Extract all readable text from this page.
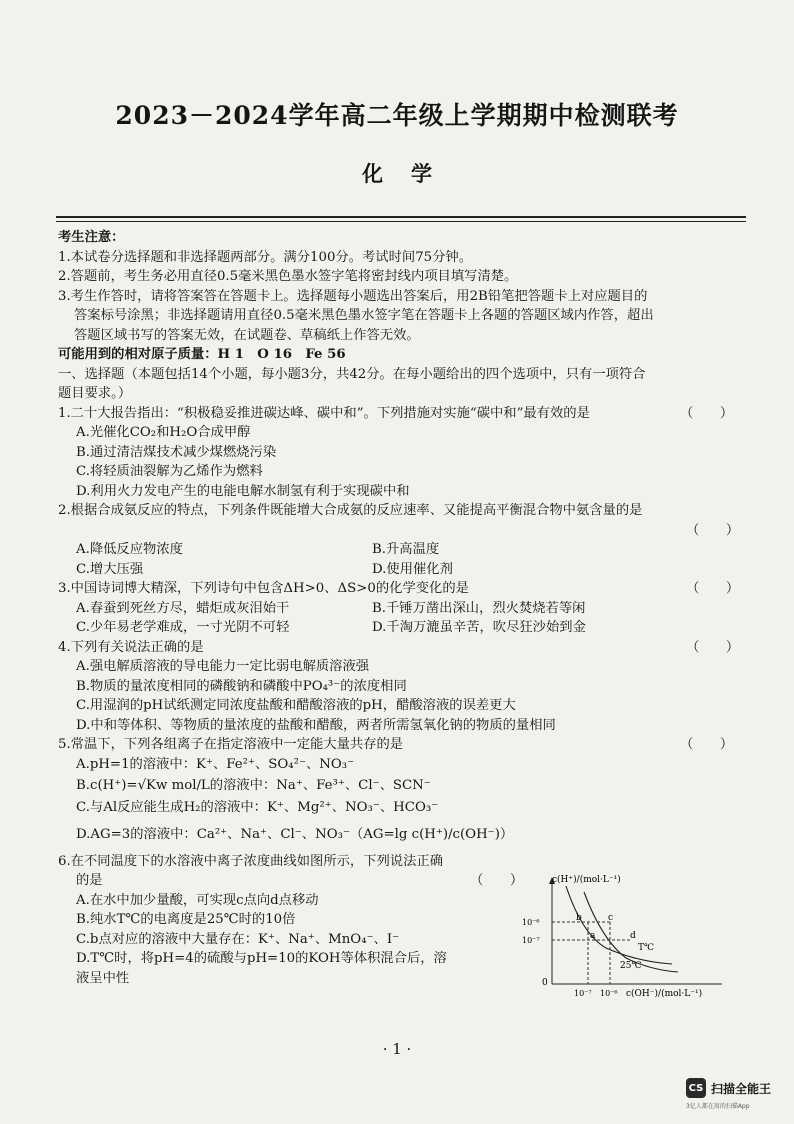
2023－2024学年高二年级上学期期中检测联考
化学
考生注意：
1.本试卷分选择题和非选择题两部分。满分100分。考试时间75分钟。
2.答题前，考生务必用直径0.5毫米黑色墨水签字笔将密封线内项目填写清楚。
3.考生作答时，请将答案答在答题卡上。选择题每小题选出答案后，用2B铅笔把答题卡上对应题目的
答案标号涂黑；非选择题请用直径0.5毫米黑色墨水签字笔在答题卡上各题的答题区域内作答，超出
答题区域书写的答案无效，在试题卷、草稿纸上作答无效。
可能用到的相对原子质量：H 1　O 16　Fe 56
一、选择题（本题包括14个小题，每小题3分，共42分。在每小题给出的四个选项中，只有一项符合
题目要求。）
1.二十大报告指出：“积极稳妥推进碳达峰、碳中和”。下列措施对实施“碳中和”最有效的是	（　　）
A.光催化CO₂和H₂O合成甲醇
B.通过清洁煤技术减少煤燃烧污染
C.将轻质油裂解为乙烯作为燃料
D.利用火力发电产生的电能电解水制氢有利于实现碳中和
2.根据合成氨反应的特点，下列条件既能增大合成氨的反应速率、又能提高平衡混合物中氨含量的是
（　　）
A.降低反应物浓度	B.升高温度
C.增大压强	D.使用催化剂
3.中国诗词博大精深，下列诗句中包含ΔH>0、ΔS>0的化学变化的是	（　　）
A.春蚕到死丝方尽，蜡炬成灰泪始干	B.千锤万凿出深山，烈火焚烧若等闲
C.少年易老学难成，一寸光阴不可轻	D.千淘万漉虽辛苦，吹尽狂沙始到金
4.下列有关说法正确的是	（　　）
A.强电解质溶液的导电能力一定比弱电解质溶液强
B.物质的量浓度相同的磷酸钠和磷酸中PO₄³⁻的浓度相同
C.用湿润的pH试纸测定同浓度盐酸和醋酸溶液的pH，醋酸溶液的误差更大
D.中和等体积、等物质的量浓度的盐酸和醋酸，两者所需氢氧化钠的物质的量相同
5.常温下，下列各组离子在指定溶液中一定能大量共存的是	（　　）
A.pH=1的溶液中：K⁺、Fe²⁺、SO₄²⁻、NO₃⁻
B.c(H⁺)=√Kw mol/L的溶液中：Na⁺、Fe³⁺、Cl⁻、SCN⁻
C.与Al反应能生成H₂的溶液中：K⁺、Mg²⁺、NO₃⁻、HCO₃⁻
D.AG=3的溶液中：Ca²⁺、Na⁺、Cl⁻、NO₃⁻（AG=lg c(H⁺)/c(OH⁻)）
6.在不同温度下的水溶液中离子浓度曲线如图所示，下列说法正确
的是	（　　）
A.在水中加少量酸，可实现c点向d点移动
B.纯水T℃的电离度是25℃时的10倍
C.b点对应的溶液中大量存在：K⁺、Na⁺、MnO₄⁻、I⁻
D.T℃时，将pH=4的硫酸与pH=10的KOH等体积混合后，溶
液呈中性
c(H⁺)/(mol·L⁻¹)
c(OH⁻)/(mol·L⁻¹)
10⁻⁶
10⁻⁷
10⁻⁷ 10⁻⁶
0
b	c
a	d
T℃
25℃
· 1 ·
CS 扫描全能王
3亿人都在用的扫描App
